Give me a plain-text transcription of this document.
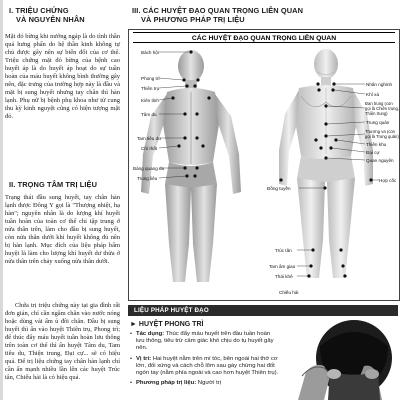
I. TRIỆU CHỨNG
VÀ NGUYÊN NHÂN

Mặt đỏ bừng khi nướng ngáp là do tình thần quá hưng phấn do hệ thần kinh không tự chủ được gây nên sự biến đổi của cơ thể. Triệu chứng mặt đỏ bừng của bệnh cao huyết áp là do huyết áp hoạt do sự tuần hoàn của máu huyết không bình thường gây nên, đặc trưng của trường hợp này là đầu và mặt bị sung huyết nhưng tay chân thì hàn lạnh. Phụ nữ bị bệnh phụ khoa như tử cung thu kỳ kinh nguyệt cũng có hiện tượng mặt đỏ.

II. TRỌNG TÂM TRỊ LIỆU

Trạng thái đầu sung huyết, tay chân hàn lạnh được Đông Y gọi là "Thượng nhiệt, hạ hàn"; nguyên nhân là do lượng khí huyết tuần hoàn của toàn cơ thể chỉ tập trung ở nửa thân trên, làm cho đầu bị sung huyết, còn nửa thân dưới khí huyết không đủ nên bị hàn lạnh. Mục đích của liệu pháp bấm huyệt là làm cho lượng khí huyết dư thừa ở nửa thân trên chảy xuống nửa thân dưới.

Chứa trị triệu chứng này tại gia đình rất đơn giản, chỉ cần ngâm chân vào nước nóng hoặc dùng vải ấm ủ đôi chân. Đầu bị sung huyết thì ấn vào huyệt Thiên trụ, Phong trì; để thúc đẩy máu huyết tuần hoàn lưu thông trên toàn cơ thể thì ấn huyệt Tâm du, Tam tiêu du, Thiện trung, Đại cự... sẽ có hiệu quả. Để trị liệu chứng tay chân hàn lạnh chỉ cần ấn mạnh nhiều lần lên các huyệt Trúc tân, Chiếu hải là có hiệu quả.

III. CÁC HUYỆT ĐẠO QUAN TRỌNG LIÊN QUAN
VÀ PHƯƠNG PHÁP TRỊ LIỆU
CÁC HUYỆT ĐẠO QUAN TRỌNG LIÊN QUAN
Bách hội
Phong trì
Thiên trụ
Kiên tỉnh
Tâm du
Tam tiêu du
Chí thất
Bàng quang du
Trung liêu
Nhân nghinh
Khí xá
Đàn trung (còn gọi là Chiên trung, Thiện trung)
Trung quản
Thương và (còn gọi là Trung quản)
Thiên khu
Đại cự
Quan nguyên
Đồng tuyền
Trúc tân
Tam âm giao
Thái khê
Chiếu hải
Hợp cốc
LIỆU PHÁP HUYỆT ĐẠO
► HUYỆT PHONG TRÌ
• Tác dụng: Thúc đẩy máu huyết trên đầu tuần hoàn lưu thông, tiêu trừ cảm giác khó chịu do tụ huyết gây nên.
• Vị trí: Hai huyệt nằm trên mí tóc, bên ngoài hai thớ cơ lớn, đối xứng và cách chỗ lõm sau gáy chừng hai đốt ngón tay (nằm phía ngoài và cao hơn huyệt Thiên trụ).
• Phương pháp trị liệu: Người trị
